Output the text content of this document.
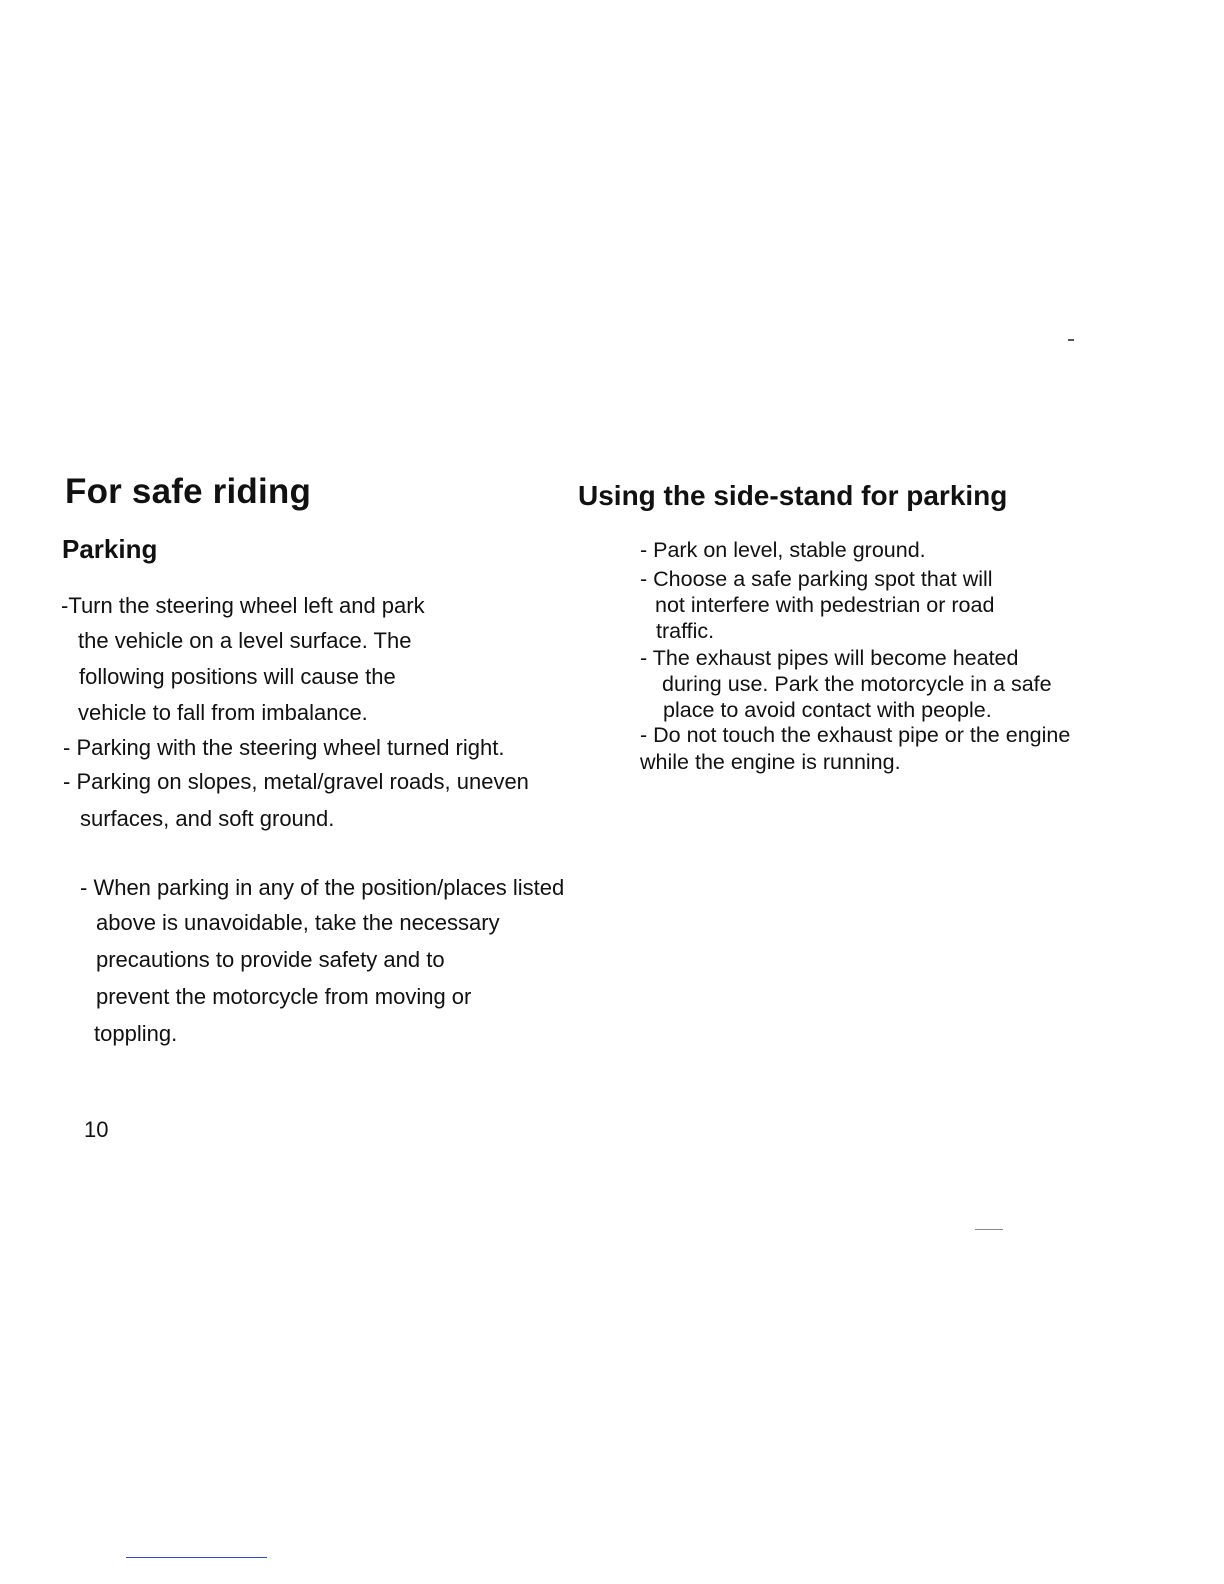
For safe riding
Parking
-Turn the steering wheel left and park
the vehicle on a level surface. The
following positions will cause the
vehicle to fall from imbalance.
- Parking with the steering wheel turned right.
- Parking on slopes, metal/gravel roads, uneven
surfaces, and soft ground.
- When parking in any of the position/places listed
above is unavoidable, take the necessary
precautions to provide safety and to
prevent the motorcycle from moving or
toppling.
10
Using the side-stand for parking
- Park on level, stable ground.
- Choose a safe parking spot that will
not interfere with pedestrian or road
traffic.
- The exhaust pipes will become heated
during use. Park the motorcycle in a safe
place to avoid contact with people.
- Do not touch the exhaust pipe or the engine
while the engine is running.
